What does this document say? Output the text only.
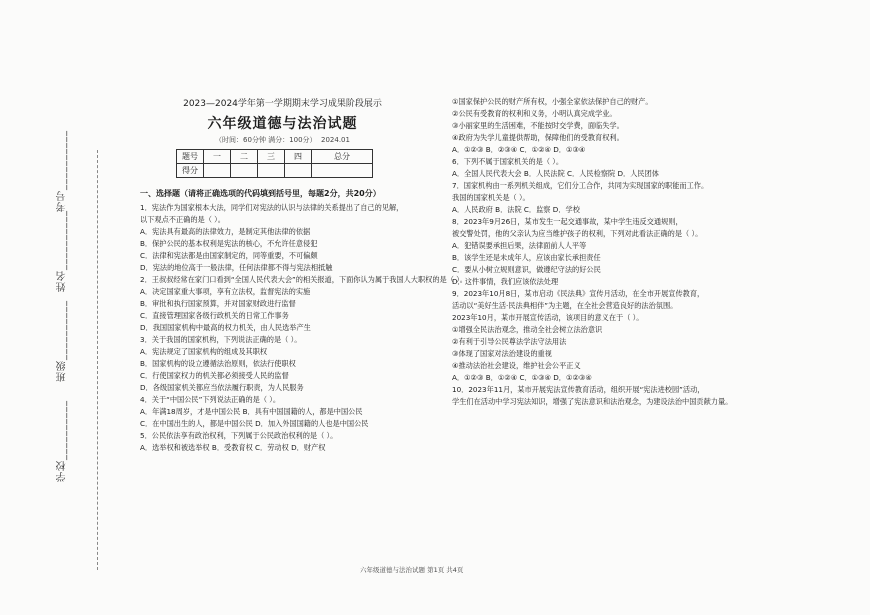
学校__________
班级__________
姓名__________
考号__________

2023—2024学年第一学期期末学习成果阶段展示

六年级道德与法治试题

（时间：60分钟 满分：100分） 2024.01

题号	一	二	三	四	总分
得分					
一、选择题（请将正确选项的代码填到括号里，每题2分，共20分）

1．宪法作为国家根本大法，同学们对宪法的认识与法律的关系提出了自己的见解，

以下观点不正确的是（ ）。

A．宪法具有最高的法律效力，是制定其他法律的依据

B．保护公民的基本权利是宪法的核心，不允许任意侵犯

C．法律和宪法都是由国家制定的，同等重要，不可偏颇

D．宪法的地位高于一般法律，任何法律都不得与宪法相抵触

2．王叔叔经常在家门口看到“全国人民代表大会”的相关报道，下面你认为属于我国人大职权的是（ ）。

A．决定国家重大事项，享有立法权，监督宪法的实施

B．审批和执行国家预算，并对国家财政进行监督

C．直接管理国家各级行政机关的日常工作事务

D．我国国家机构中最高的权力机关，由人民选举产生

3．关于我国的国家机构，下列说法正确的是（ ）。

A．宪法规定了国家机构的组成及其职权

B．国家机构的设立遵循法治原则，依法行使职权

C．行使国家权力的机关都必须接受人民的监督

D．各级国家机关都应当依法履行职责，为人民服务

4．关于“中国公民”下列说法正确的是（ ）。

A．年满18周岁，才是中国公民 B．具有中国国籍的人，都是中国公民

C．在中国出生的人，都是中国公民 D．加入外国国籍的人也是中国公民

5．公民依法享有政治权利，下列属于公民政治权利的是（ ）。

A．选举权和被选举权 B．受教育权 C．劳动权 D．财产权

①国家保护公民的财产所有权，小强全家依法保护自己的财产。

②公民有受教育的权利和义务，小明认真完成学业。

③小丽家里的生活困难，不能按时交学费，面临失学。

④政府为失学儿童提供帮助，保障他们的受教育权利。

A．①②③ B．②③④ C．①②④ D．①③④

6．下列不属于国家机关的是（ ）。

A．全国人民代表大会 B．人民法院 C．人民检察院 D．人民团体

7．国家机构由一系列机关组成，它们分工合作，共同为实现国家的职能而工作。

我国的国家机关是（ ）。

A．人民政府 B．法院 C．监察 D．学校

8．2023年9月26日，某市发生一起交通事故，某中学生违反交通规则，

被交警处罚，他的父亲认为应当维护孩子的权利，下列对此看法正确的是（ ）。

A．犯错误要承担后果，法律面前人人平等

B．该学生还是未成年人，应该由家长承担责任

C．要从小树立规则意识，做遵纪守法的好公民

D．这件事情，我们应该依法处理

9．2023年10月8日，某市启动《民法典》宣传月活动，在全市开展宣传教育，

活动以“美好生活·民法典相伴”为主题，在全社会营造良好的法治氛围。

2023年10月，某市开展宣传活动，该项目的意义在于（ ）。

①增强全民法治观念，推动全社会树立法治意识

②有利于引导公民尊法学法守法用法

③体现了国家对法治建设的重视

④推动法治社会建设，维护社会公平正义

A．①②③ B．①②④ C．①③④ D．①②③④

10．2023年11月，某市开展宪法宣传教育活动，组织开展“宪法进校园”活动，

学生们在活动中学习宪法知识，增强了宪法意识和法治观念，为建设法治中国贡献力量。

六年级道德与法治试题 第1页 共4页
